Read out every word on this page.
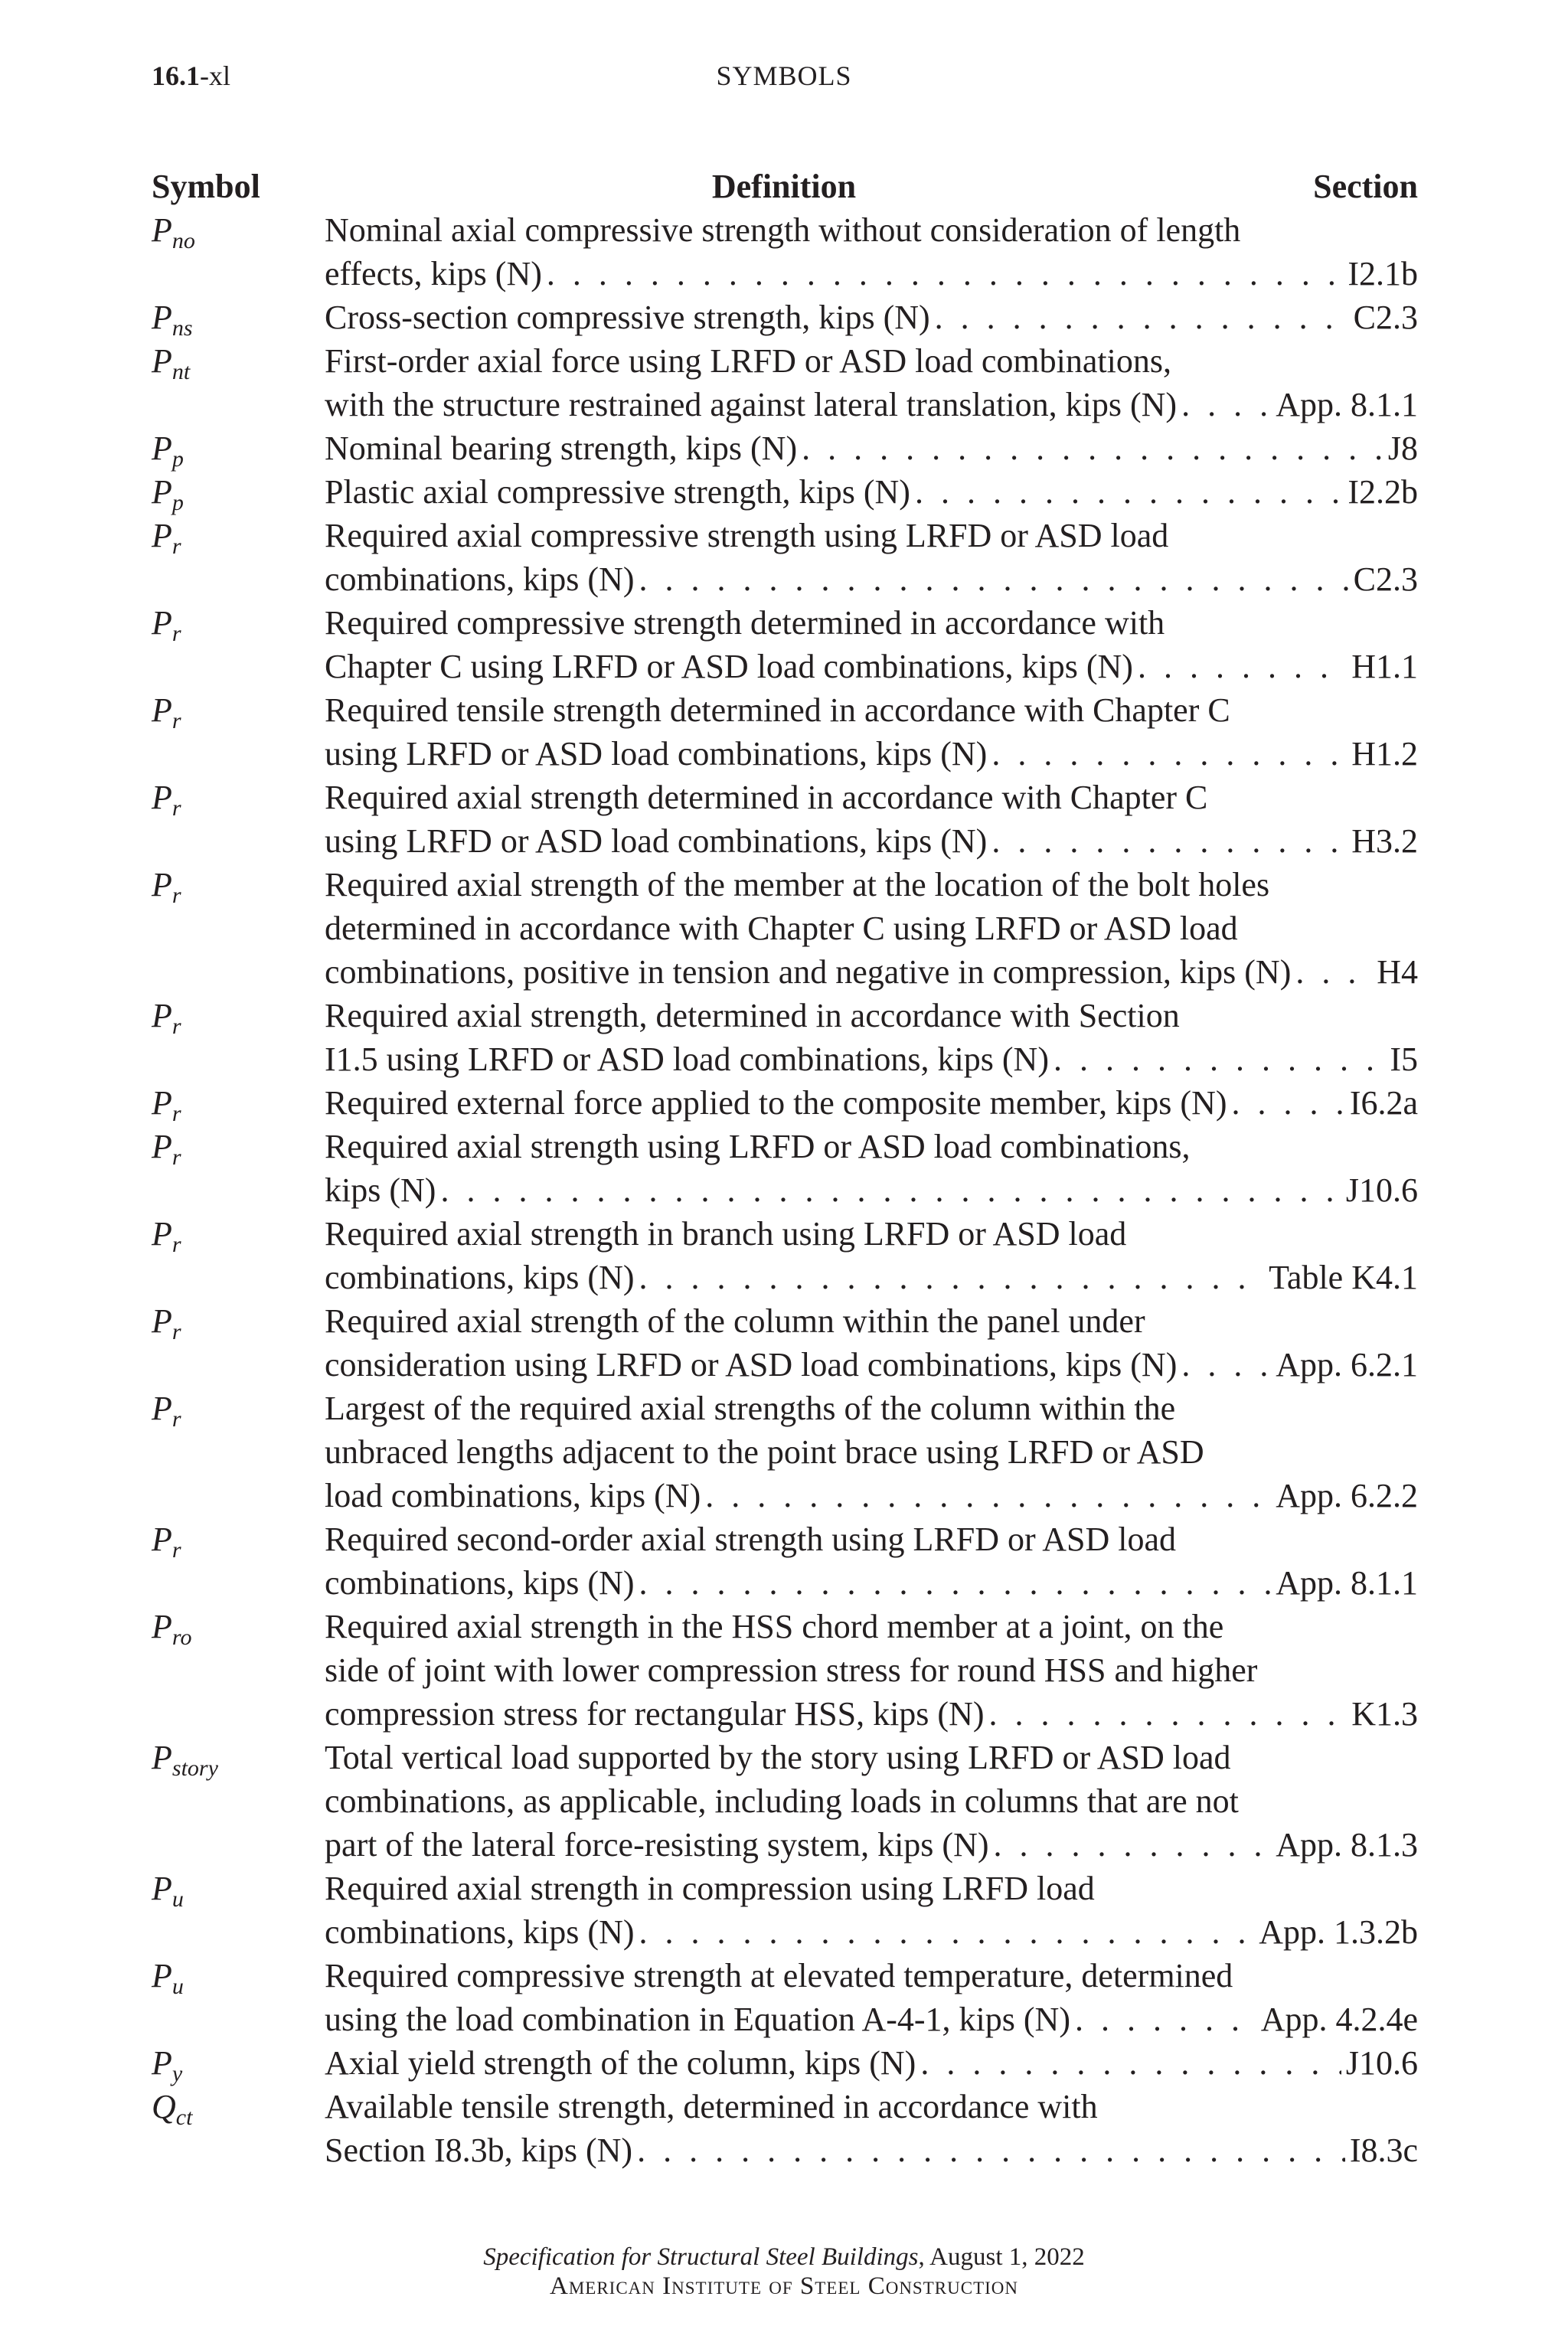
16.1-xl	SYMBOLS
Symbol	Definition	Section
$P_{no}$	Nominal axial compressive strength without consideration of length
effects, kips (N) . . .	I2.1b
$P_{ns}$	Cross-section compressive strength, kips (N) . . .	C2.3
$P_{nt}$	First-order axial force using LRFD or ASD load combinations,
with the structure restrained against lateral translation, kips (N) . . .	App. 8.1.1
$P_p$	Nominal bearing strength, kips (N) . . .	J8
$P_p$	Plastic axial compressive strength, kips (N) . . .	I2.2b
$P_r$	Required axial compressive strength using LRFD or ASD load
combinations, kips (N) . . .	C2.3
$P_r$	Required compressive strength determined in accordance with
Chapter C using LRFD or ASD load combinations, kips (N) . . .	H1.1
$P_r$	Required tensile strength determined in accordance with Chapter C
using LRFD or ASD load combinations, kips (N) . . .	H1.2
$P_r$	Required axial strength determined in accordance with Chapter C
using LRFD or ASD load combinations, kips (N) . . .	H3.2
$P_r$	Required axial strength of the member at the location of the bolt holes
determined in accordance with Chapter C using LRFD or ASD load
combinations, positive in tension and negative in compression, kips (N) . . .	H4
$P_r$	Required axial strength, determined in accordance with Section
I1.5 using LRFD or ASD load combinations, kips (N) . . .	I5
$P_r$	Required external force applied to the composite member, kips (N) . . .	I6.2a
$P_r$	Required axial strength using LRFD or ASD load combinations,
kips (N) . . .	J10.6
$P_r$	Required axial strength in branch using LRFD or ASD load
combinations, kips (N) . . .	Table K4.1
$P_r$	Required axial strength of the column within the panel under
consideration using LRFD or ASD load combinations, kips (N) . . .	App. 6.2.1
$P_r$	Largest of the required axial strengths of the column within the
unbraced lengths adjacent to the point brace using LRFD or ASD
load combinations, kips (N) . . .	App. 6.2.2
$P_r$	Required second-order axial strength using LRFD or ASD load
combinations, kips (N) . . .	App. 8.1.1
$P_{ro}$	Required axial strength in the HSS chord member at a joint, on the
side of joint with lower compression stress for round HSS and higher
compression stress for rectangular HSS, kips (N) . . .	K1.3
$P_{story}$	Total vertical load supported by the story using LRFD or ASD load
combinations, as applicable, including loads in columns that are not
part of the lateral force-resisting system, kips (N) . . .	App. 8.1.3
$P_u$	Required axial strength in compression using LRFD load
combinations, kips (N) . . .	App. 1.3.2b
$P_u$	Required compressive strength at elevated temperature, determined
using the load combination in Equation A-4-1, kips (N) . . .	App. 4.2.4e
$P_y$	Axial yield strength of the column, kips (N) . . .	J10.6
$Q_{ct}$	Available tensile strength, determined in accordance with
Section I8.3b, kips (N) . . .	I8.3c
Specification for Structural Steel Buildings, August 1, 2022
American Institute of Steel Construction
